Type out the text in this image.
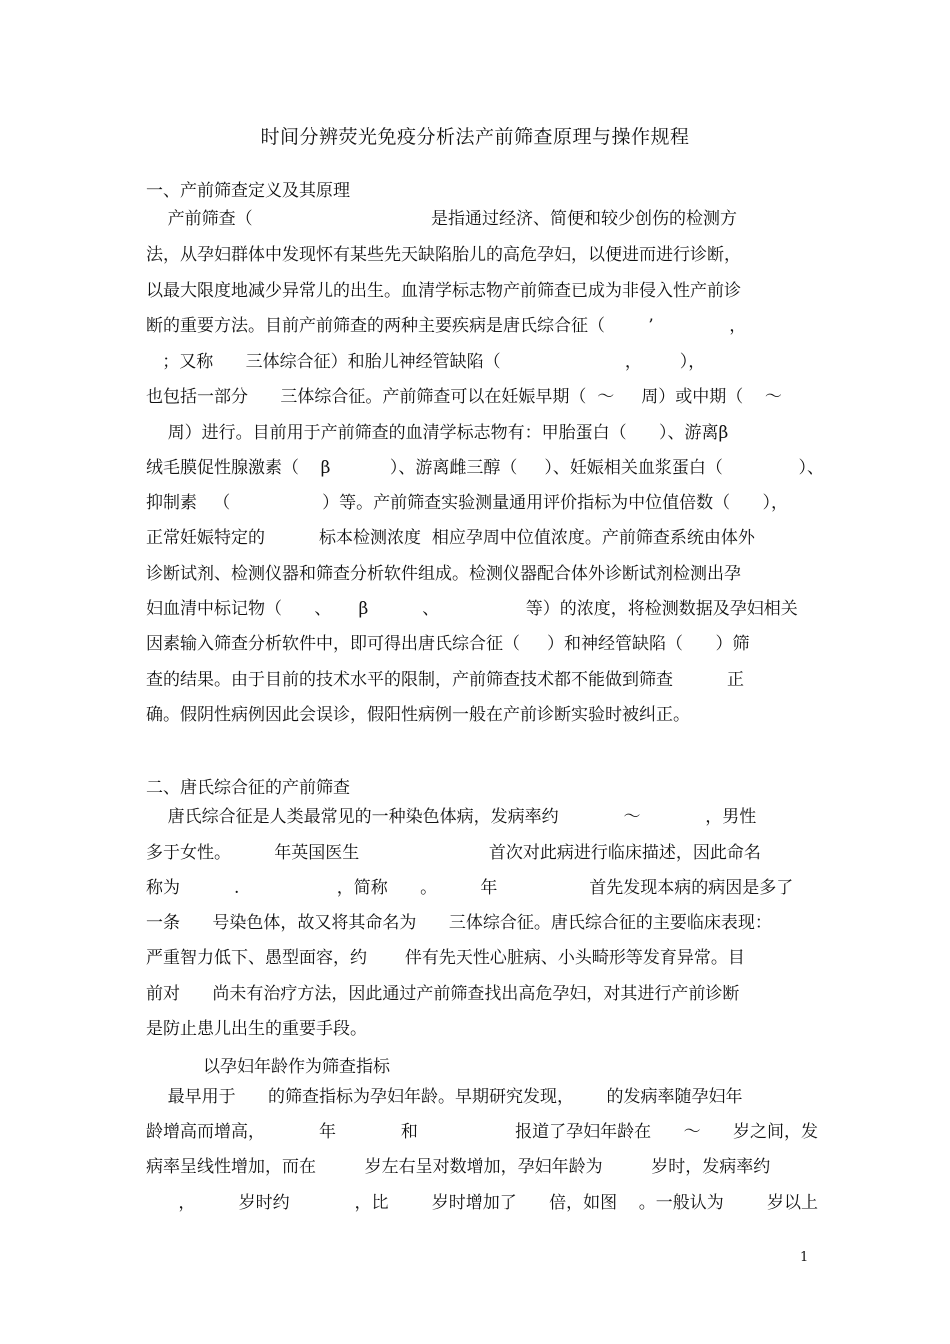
时间分辨荧光免疫分析法产前筛查原理与操作规程
一、产前筛查定义及其原理
产前筛查（                                 是指通过经济、简便和较少创伤的检测方
法，从孕妇群体中发现怀有某些先天缺陷胎儿的高危孕妇，以便进而进行诊断，
以最大限度地减少异常儿的出生。血清学标志物产前筛查已成为非侵入性产前诊
断的重要方法。目前产前筛查的两种主要疾病是唐氏综合征（        ’              ，
；又称      三体综合征）和胎儿神经管缺陷（                       ，       ），
也包括一部分      三体综合征。产前筛查可以在妊娠早期（  ～     周）或中期（    ～
周）进行。目前用于产前筛查的血清学标志物有：甲胎蛋白（      ）、游离β
绒毛膜促性腺激素（    β           ）、游离雌三醇（     ）、妊娠相关血浆蛋白（              ）、
抑制素   （                 ）等。产前筛查实验测量通用评价指标为中位值倍数（      ），
正常妊娠特定的          标本检测浓度  相应孕周中位值浓度。产前筛查系统由体外
诊断试剂、检测仪器和筛查分析软件组成。检测仪器配合体外诊断试剂检测出孕
妇血清中标记物（      、     β          、                等）的浓度，将检测数据及孕妇相关
因素输入筛查分析软件中，即可得出唐氏综合征（     ）和神经管缺陷（      ）筛
查的结果。由于目前的技术水平的限制，产前筛查技术都不能做到筛查          正
确。假阴性病例因此会误诊，假阳性病例一般在产前诊断实验时被纠正。
二、唐氏综合征的产前筛查
唐氏综合征是人类最常见的一种染色体病，发病率约            ～            ，男性
多于女性。        年英国医生                        首次对此病进行临床描述，因此命名
称为          .                  ，简称      。        年                 首先发现本病的病因是多了
一条      号染色体，故又将其命名为      三体综合征。唐氏综合征的主要临床表现：
严重智力低下、愚型面容，约       伴有先天性心脏病、小头畸形等发育异常。目
前对      尚未有治疗方法，因此通过产前筛查找出高危孕妇，对其进行产前诊断
是防止患儿出生的重要手段。
以孕妇年龄作为筛查指标
最早用于      的筛查指标为孕妇年龄。早期研究发现，      的发病率随孕妇年
龄增高而增高，          年            和                  报道了孕妇年龄在      ～      岁之间，发
病率呈线性增加，而在         岁左右呈对数增加，孕妇年龄为         岁时，发病率约
，        岁时约            ，比        岁时增加了      倍，如图    。一般认为        岁以上
1
